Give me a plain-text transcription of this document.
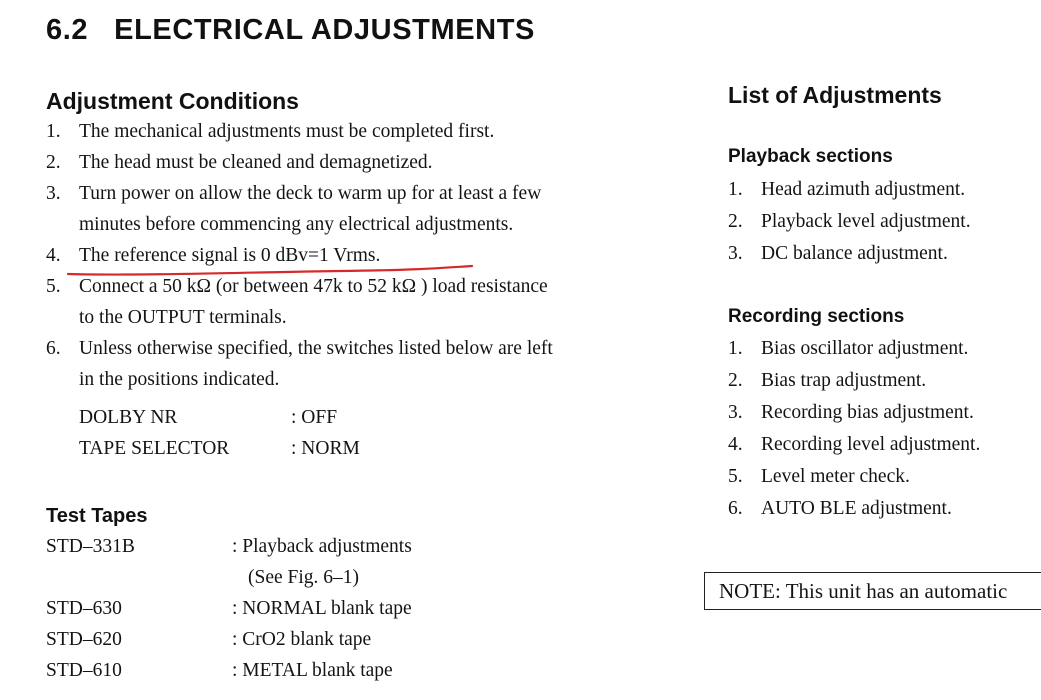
6.2 ELECTRICAL ADJUSTMENTS
Adjustment Conditions
1. The mechanical adjustments must be completed first.
2. The head must be cleaned and demagnetized.
3. Turn power on allow the deck to warm up for at least a few
minutes before commencing any electrical adjustments.
4. The reference signal is 0 dBv=1 Vrms.
5. Connect a 50 kΩ (or between 47k to 52 kΩ ) load resistance
to the OUTPUT terminals.
6. Unless otherwise specified, the switches listed below are left
in the positions indicated.
DOLBY NR	: OFF
TAPE SELECTOR	: NORM
Test Tapes
STD–331B	: Playback adjustments
(See Fig. 6–1)
STD–630	: NORMAL blank tape
STD–620	: CrO2 blank tape
STD–610	: METAL blank tape
List of Adjustments
Playback sections
1. Head azimuth adjustment.
2. Playback level adjustment.
3. DC balance adjustment.
Recording sections
1. Bias oscillator adjustment.
2. Bias trap adjustment.
3. Recording bias adjustment.
4. Recording level adjustment.
5. Level meter check.
6. AUTO BLE adjustment.
NOTE: This unit has an automatic
